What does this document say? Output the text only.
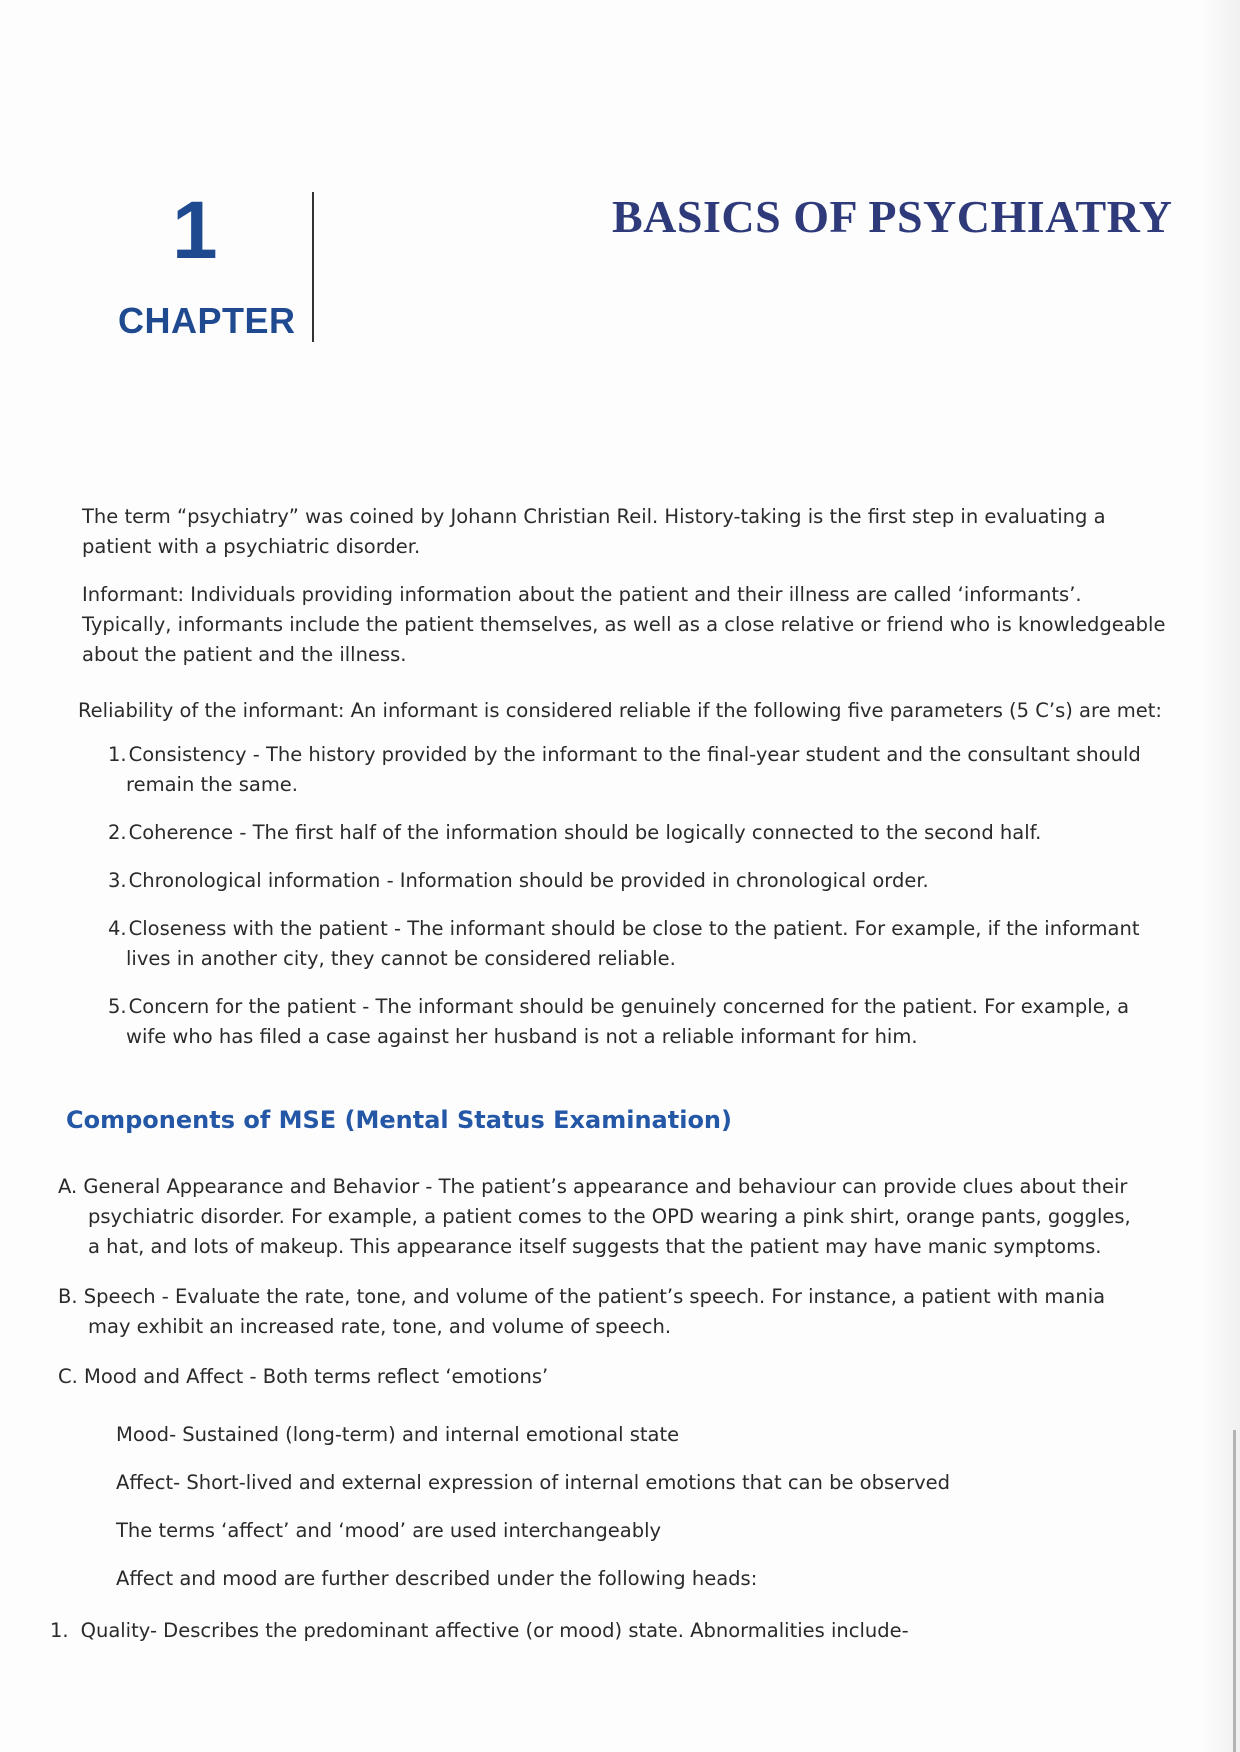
1
CHAPTER
BASICS OF PSYCHIATRY

The term “psychiatry” was coined by Johann Christian Reil. History-taking is the first step in evaluating a patient with a psychiatric disorder.

Informant: Individuals providing information about the patient and their illness are called ‘informants’. Typically, informants include the patient themselves, as well as a close relative or friend who is knowledgeable about the patient and the illness.

Reliability of the informant: An informant is considered reliable if the following five parameters (5 C’s) are met:

1. Consistency - The history provided by the informant to the final-year student and the consultant should
remain the same.
2. Coherence - The first half of the information should be logically connected to the second half.
3. Chronological information - Information should be provided in chronological order.
4. Closeness with the patient - The informant should be close to the patient. For example, if the informant
lives in another city, they cannot be considered reliable.
5. Concern for the patient - The informant should be genuinely concerned for the patient. For example, a
wife who has filed a case against her husband is not a reliable informant for him.
Components of MSE (Mental Status Examination)
A. General Appearance and Behavior - The patient’s appearance and behaviour can provide clues about their
psychiatric disorder. For example, a patient comes to the OPD wearing a pink shirt, orange pants, goggles,
a hat, and lots of makeup. This appearance itself suggests that the patient may have manic symptoms.
B. Speech - Evaluate the rate, tone, and volume of the patient’s speech. For instance, a patient with mania
may exhibit an increased rate, tone, and volume of speech.
C. Mood and Affect - Both terms reflect ‘emotions’
Mood- Sustained (long-term) and internal emotional state
Affect- Short-lived and external expression of internal emotions that can be observed
The terms ‘affect’ and ‘mood’ are used interchangeably
Affect and mood are further described under the following heads:
1. Quality- Describes the predominant affective (or mood) state. Abnormalities include-
